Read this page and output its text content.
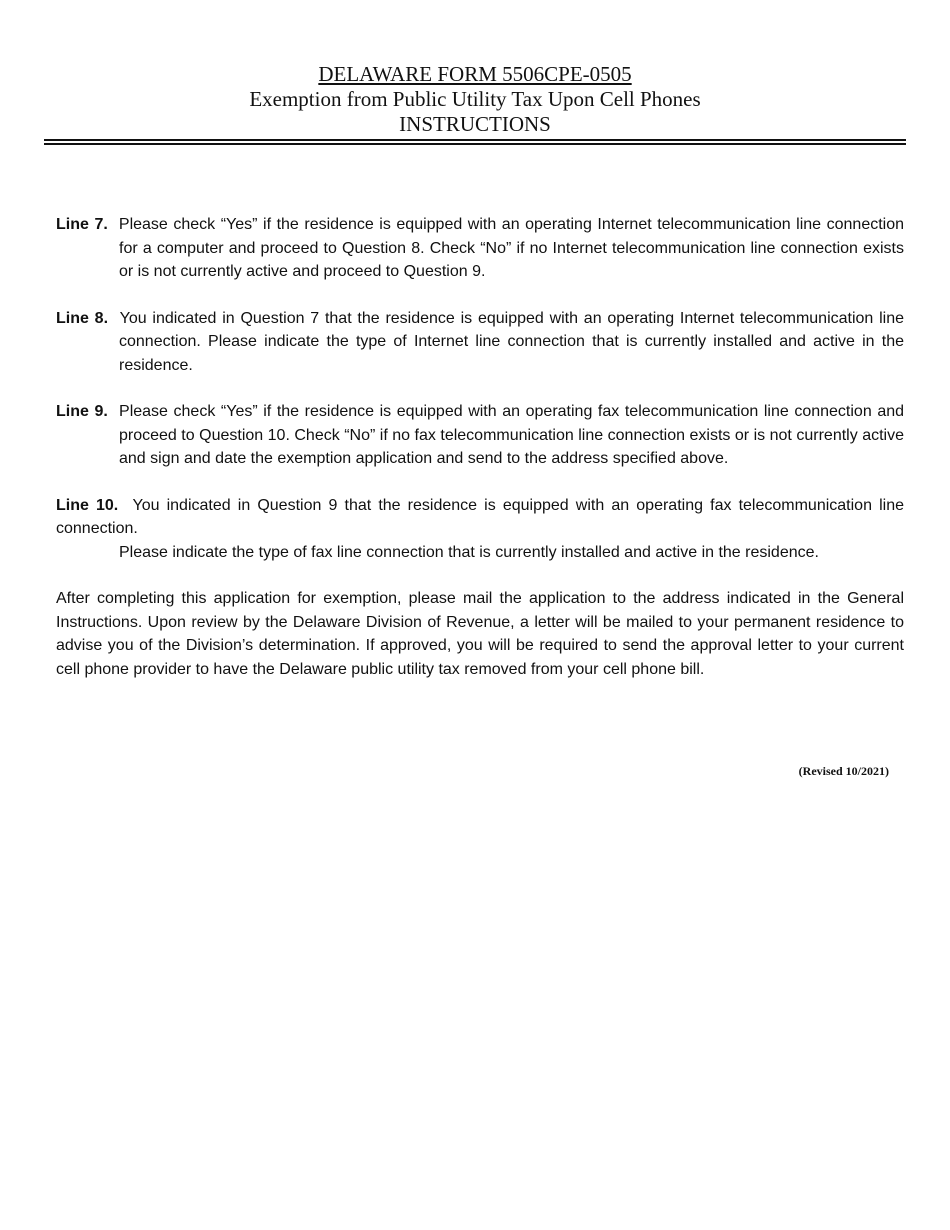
DELAWARE FORM 5506CPE-0505
Exemption from Public Utility Tax Upon Cell Phones
INSTRUCTIONS

Line 7. Please check “Yes” if the residence is equipped with an operating Internet telecommunication line connection for a computer and proceed to Question 8. Check “No” if no Internet telecommunication line connection exists or is not currently active and proceed to Question 9.

Line 8. You indicated in Question 7 that the residence is equipped with an operating Internet telecommunication line connection. Please indicate the type of Internet line connection that is currently installed and active in the residence.

Line 9. Please check “Yes” if the residence is equipped with an operating fax telecommunication line connection and proceed to Question 10. Check “No” if no fax telecommunication line connection exists or is not currently active and sign and date the exemption application and send to the address specified above.

Line 10. You indicated in Question 9 that the residence is equipped with an operating fax telecommunication line connection.
Please indicate the type of fax line connection that is currently installed and active in the residence.

After completing this application for exemption, please mail the application to the address indicated in the General Instructions. Upon review by the Delaware Division of Revenue, a letter will be mailed to your permanent residence to advise you of the Division’s determination. If approved, you will be required to send the approval letter to your current cell phone provider to have the Delaware public utility tax removed from your cell phone bill.

(Revised 10/2021)
